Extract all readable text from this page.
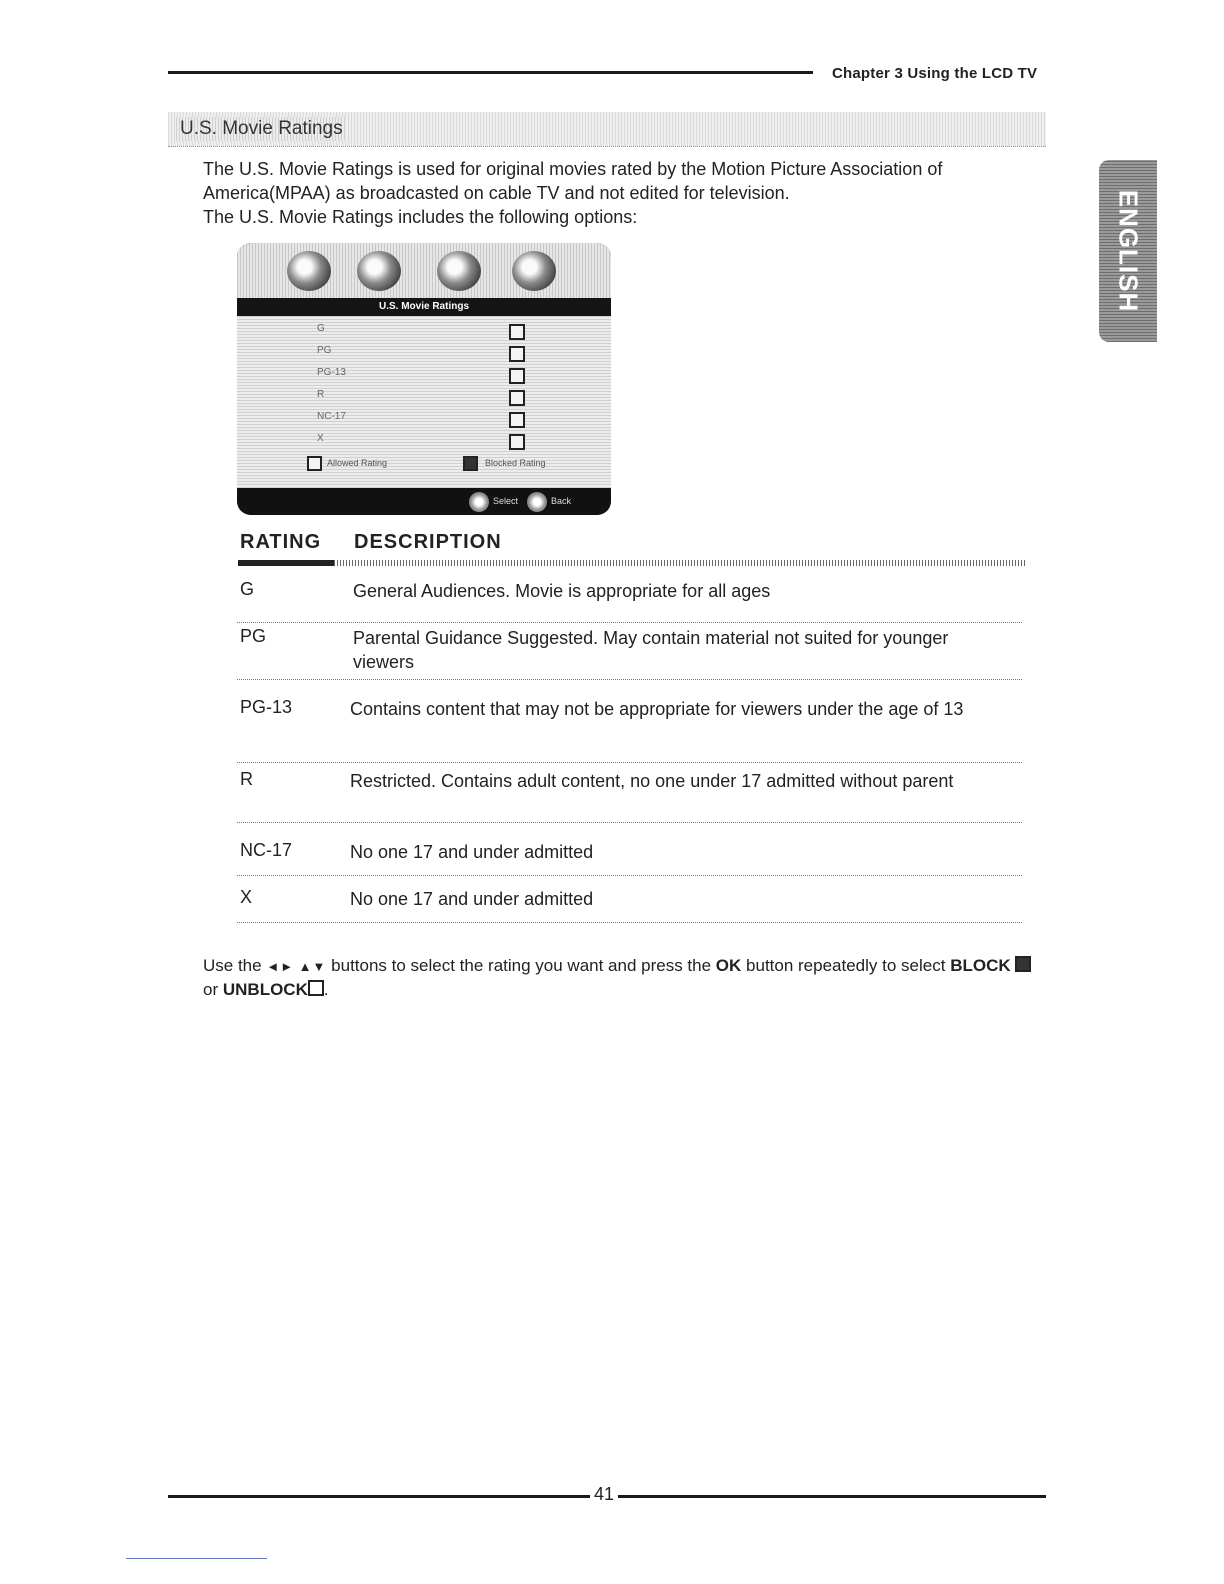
Chapter 3 Using the LCD TV
U.S. Movie Ratings
ENGLISH

The U.S. Movie Ratings is used for original movies rated by the Motion Picture Association of America(MPAA) as broadcasted on cable TV and not edited for television.

The U.S. Movie Ratings includes the following options:

U.S. Movie Ratings
G
PG
PG-13
R
NC-17
X
Allowed Rating	Blocked Rating
Select	Back
RATING DESCRIPTION
G	General Audiences. Movie is appropriate for all ages
PG	Parental Guidance Suggested. May contain material not suited for younger viewers
PG-13	Contains content that may not be appropriate for viewers under the age of 13
R	Restricted. Contains adult content, no one under 17 admitted without parent
NC-17	No one 17 and under admitted
X	No one 17 and under admitted
Use the ◄► ▲▼ buttons to select the rating you want and press the OK button repeatedly to select BLOCK  or UNBLOCK .
41
